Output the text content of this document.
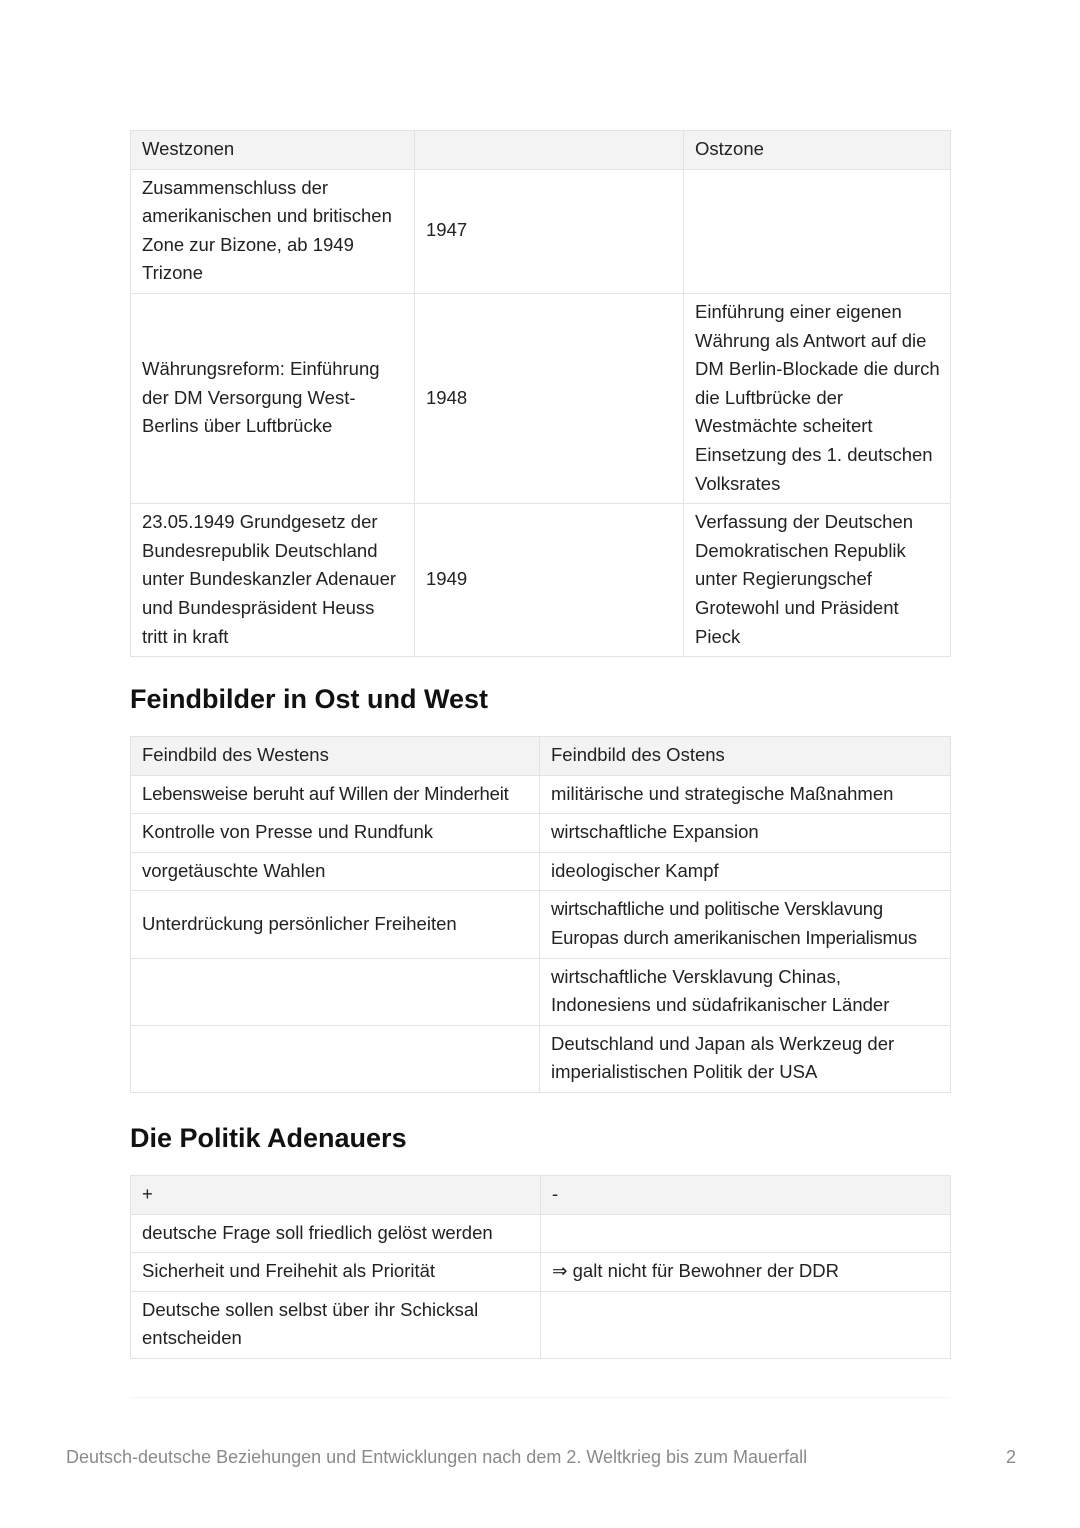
Westzonen		Ostzone
Zusammenschluss der amerikanischen und britischen Zone zur Bizone, ab 1949 Trizone	1947	
Währungsreform: Einführung der DM Versorgung West-Berlins über Luftbrücke	1948	Einführung einer eigenen Währung als Antwort auf die DM Berlin-Blockade die durch die Luftbrücke der Westmächte scheitert Einsetzung des 1. deutschen Volksrates
23.05.1949 Grundgesetz der Bundesrepublik Deutschland unter Bundeskanzler Adenauer und Bundespräsident Heuss tritt in kraft	1949	Verfassung der Deutschen Demokratischen Republik unter Regierungschef Grotewohl und Präsident Pieck
Feindbilder in Ost und West
Feindbild des Westens	Feindbild des Ostens
Lebensweise beruht auf Willen der Minderheit	militärische und strategische Maßnahmen
Kontrolle von Presse und Rundfunk	wirtschaftliche Expansion
vorgetäuschte Wahlen	ideologischer Kampf
Unterdrückung persönlicher Freiheiten	wirtschaftliche und politische Versklavung Europas durch amerikanischen Imperialismus
	wirtschaftliche Versklavung Chinas, Indonesiens und südafrikanischer Länder
	Deutschland und Japan als Werkzeug der imperialistischen Politik der USA
Die Politik Adenauers
+	-
deutsche Frage soll friedlich gelöst werden	
Sicherheit und Freihehit als Priorität	⇒ galt nicht für Bewohner der DDR
Deutsche sollen selbst über ihr Schicksal entscheiden	
Deutsch-deutsche Beziehungen und Entwicklungen nach dem 2. Weltkrieg bis zum Mauerfall	2
